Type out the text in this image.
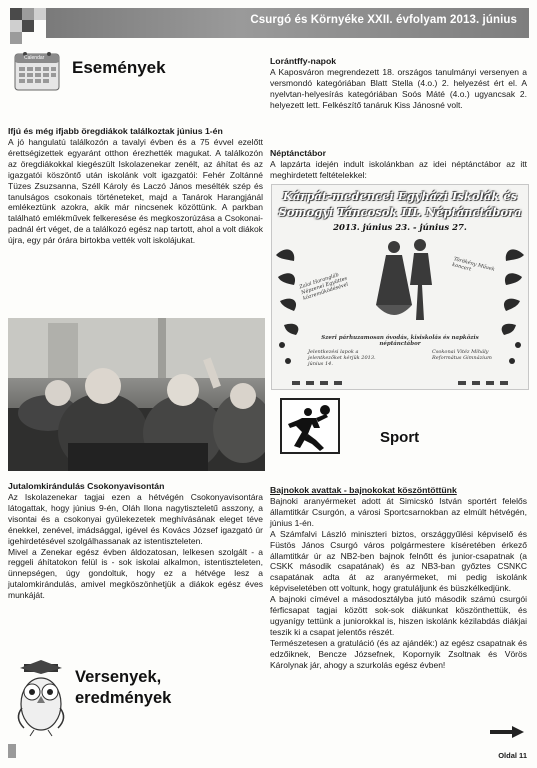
Csurgó és Környéke XXII. évfolyam 2013. június
Calendar Események

Ifjú és még ifjabb öregdiákok találkoztak június 1-én

A jó hangulatú találkozón a tavalyi évben és a 75 évvel ezelőtt érettségizettek egyaránt otthon érezhették magukat. A találkozón az öregdiákokkal kiegészült Iskolazenekar zenélt, az áhítat és az igazgatói köszöntő után iskolánk volt igazgatói: Fehér Zoltánné Tüzes Zsuzsanna, Széll Károly és Laczó János mesélték szép és tanulságos csokonais történeteket, majd a Tanárok Harangjánál emlékeztünk azokra, akik már nincsenek közöttünk. A parkban található emlékművek felkeresése és megkoszorúzása a Csokonai-padnál ért véget, de a találkozó egész nap tartott, ahol a volt diákok újra, egy pár órára birtokba vették volt iskolájukat.

Jutalomkirándulás Csokonyavisontán

Az Iskolazenekar tagjai ezen a hétvégén Csokonyavisontára látogattak, hogy június 9-én, Oláh Ilona nagytiszteletű asszony, a visontai és a csokonyai gyülekezetek meghívásának eleget téve énekkel, zenével, imádsággal, igével és Kovács József igazgató úr igehirdetésével szolgálhassanak az istentiszteleten.

Mivel a Zenekar egész évben áldozatosan, lelkesen szolgált - a reggeli áhítatokon felül is - sok iskolai alkalmon, istentiszteleten, ünnepségen, úgy gondoltuk, hogy ez a hétvége lesz a jutalomkirándulás, amivel megköszönhetjük a diákok egész éves munkáját.

Versenyek,
eredmények

Lorántffy-napok

A Kaposváron megrendezett 18. országos tanulmányi versenyen a versmondó kategóriában Blatt Stella (4.o.) 2. helyezést ért el. A nyelvtan-helyesírás kategóriában Soós Máté (4.o.) ugyancsak 2. helyezett lett. Felkészítő tanáruk Kiss Jánosné volt.

Néptánctábor

A lapzárta idején indult iskolánkban az idei néptánctábor az itt meghirdetett feltételekkel:

Kárpát-medencei Egyházi Iskolák és
Somogyi Táncosok III. Néptánctábora
2013. június 23. - június 27.
Zalai Harangláb Népzenei Együttes közreműködésével
Törökény Művek koncert
Szeri párhuzamosan óvodás, kisiskolás és napközis néptánctábor
Jelentkezési lapok a jelentkezőket kérjük 2013. június 14.
Csokonai Vitéz Mihály Református Gimnázium
Sport

Bajnokok avattak - bajnokokat köszöntöttünk

Bajnoki aranyérmeket adott át Simicskó István sportért felelős államtitkár Csurgón, a városi Sportcsarnokban az elmúlt hétvégén, június 1-én.

A Számfalvi László miniszteri biztos, országgyűlési képviselő és Füstös János Csurgó város polgármestere kíséretében érkező államtitkár úr az NB2-ben bajnok felnőtt és junior-csapatnak (a CSKK második csapatának) és az NB3-ban győztes CSNKC csapatának adta át az aranyérmeket, mi pedig iskolánk képviseletében ott voltunk, hogy gratuláljunk és büszkélkedjünk.

A bajnoki címével a másodosztályba jutó második számú csurgói férficsapat tagjai között sok-sok diákunkat köszönthettük, és ugyanígy tettünk a juniorokkal is, hiszen iskolánk kézilabdás diákjai teszik ki a csapat jelentős részét.

Természetesen a gratuláció (és az ajándék:) az egész csapatnak és edzőiknek, Bencze Józsefnek, Kopornyik Zsoltnak és Vörös Károlynak jár, ahogy a szurkolás egész évben!

Oldal 11
